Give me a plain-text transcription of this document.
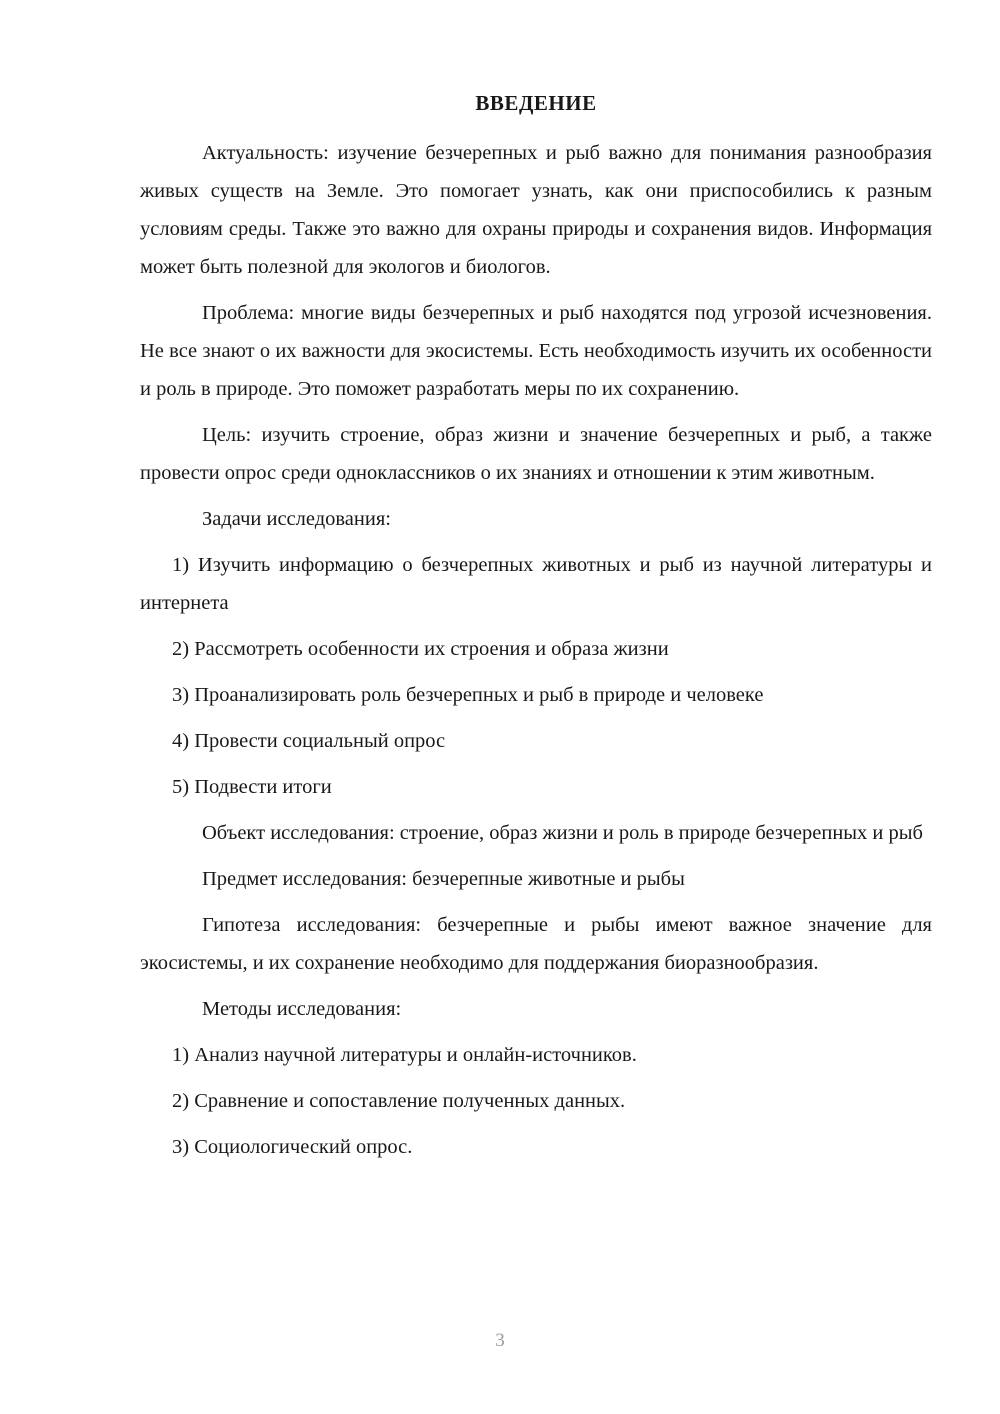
ВВЕДЕНИЕ

Актуальность: изучение безчерепных и рыб важно для понимания разнообразия живых существ на Земле. Это помогает узнать, как они приспособились к разным условиям среды. Также это важно для охраны природы и сохранения видов. Информация может быть полезной для экологов и биологов.

Проблема: многие виды безчерепных и рыб находятся под угрозой исчезновения. Не все знают о их важности для экосистемы. Есть необходимость изучить их особенности и роль в природе. Это поможет разработать меры по их сохранению.

Цель: изучить строение, образ жизни и значение безчерепных и рыб, а также провести опрос среди одноклассников о их знаниях и отношении к этим животным.

Задачи исследования:

1) Изучить информацию о безчерепных животных и рыб из научной литературы и интернета

2) Рассмотреть особенности их строения и образа жизни

3) Проанализировать роль безчерепных и рыб в природе и человеке

4) Провести социальный опрос

5) Подвести итоги

Объект исследования: строение, образ жизни и роль в природе безчерепных и рыб

Предмет исследования: безчерепные животные и рыбы

Гипотеза исследования: безчерепные и рыбы имеют важное значение для экосистемы, и их сохранение необходимо для поддержания биоразнообразия.

Методы исследования:

1) Анализ научной литературы и онлайн-источников.

2) Сравнение и сопоставление полученных данных.

3) Социологический опрос.

3
